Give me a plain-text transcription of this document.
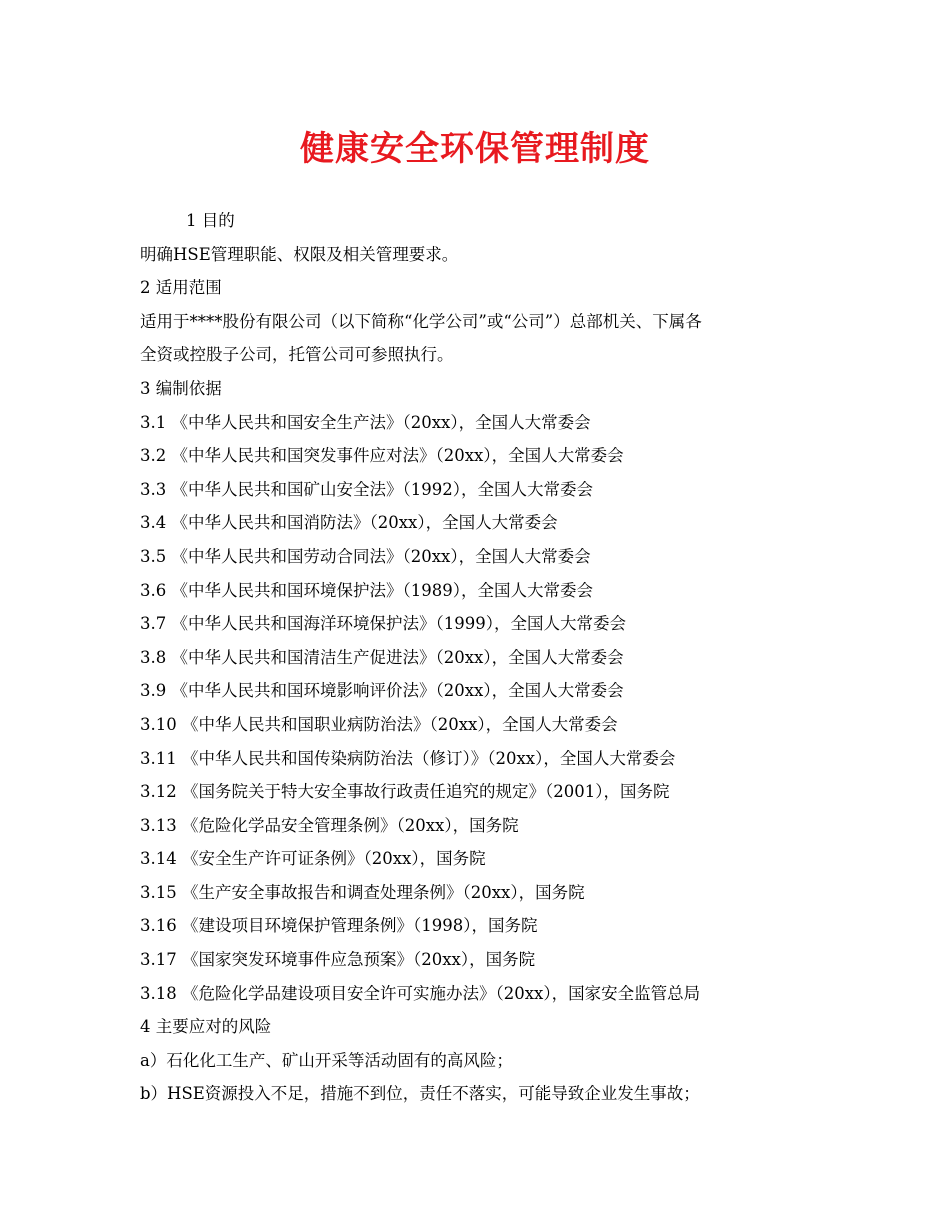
健康安全环保管理制度
1 目的
明确HSE管理职能、权限及相关管理要求。
2 适用范围
适用于****股份有限公司（以下简称“化学公司”或“公司”）总部机关、下属各
全资或控股子公司，托管公司可参照执行。
3 编制依据
3.1 《中华人民共和国安全生产法》（20xx），全国人大常委会
3.2 《中华人民共和国突发事件应对法》（20xx），全国人大常委会
3.3 《中华人民共和国矿山安全法》（1992），全国人大常委会
3.4 《中华人民共和国消防法》（20xx），全国人大常委会
3.5 《中华人民共和国劳动合同法》（20xx），全国人大常委会
3.6 《中华人民共和国环境保护法》（1989），全国人大常委会
3.7 《中华人民共和国海洋环境保护法》（1999），全国人大常委会
3.8 《中华人民共和国清洁生产促进法》（20xx），全国人大常委会
3.9 《中华人民共和国环境影响评价法》（20xx），全国人大常委会
3.10 《中华人民共和国职业病防治法》（20xx），全国人大常委会
3.11 《中华人民共和国传染病防治法（修订）》（20xx），全国人大常委会
3.12 《国务院关于特大安全事故行政责任追究的规定》（2001），国务院
3.13 《危险化学品安全管理条例》（20xx），国务院
3.14 《安全生产许可证条例》（20xx），国务院
3.15 《生产安全事故报告和调查处理条例》（20xx），国务院
3.16 《建设项目环境保护管理条例》（1998），国务院
3.17 《国家突发环境事件应急预案》（20xx），国务院
3.18 《危险化学品建设项目安全许可实施办法》（20xx），国家安全监管总局
4 主要应对的风险
a）石化化工生产、矿山开采等活动固有的高风险；
b）HSE资源投入不足，措施不到位，责任不落实，可能导致企业发生事故；
